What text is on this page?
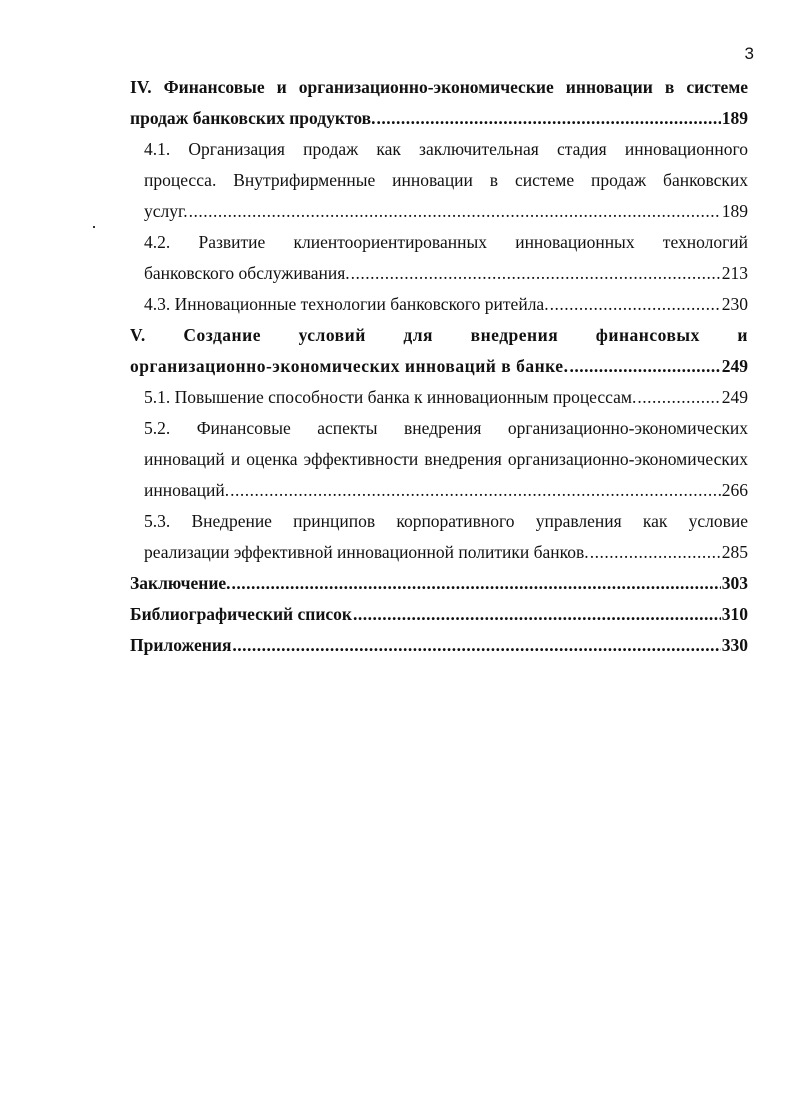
3
IV. Финансовые и организационно-экономические инновации в системе
продаж банковских продуктов. .....	189
4.1. Организация продаж как заключительная стадия инновационного
процесса. Внутрифирменные инновации в системе продаж банковских
услуг. .....	189
4.2. Развитие клиентоориентированных инновационных технологий
банковского обслуживания. .....	213
4.3. Инновационные технологии банковского ритейла. .....	230
V. Создание условий для внедрения финансовых и
организационно-экономических инноваций в банке. .....	249
5.1. Повышение способности банка к инновационным процессам. .....	249
5.2. Финансовые аспекты внедрения организационно-экономических
инноваций и оценка эффективности внедрения организационно-экономических
инноваций. .....	266
5.3. Внедрение принципов корпоративного управления как условие
реализации эффективной инновационной политики банков. .....	285
Заключение. .....	303
Библиографический список .....	310
Приложения .....	330
